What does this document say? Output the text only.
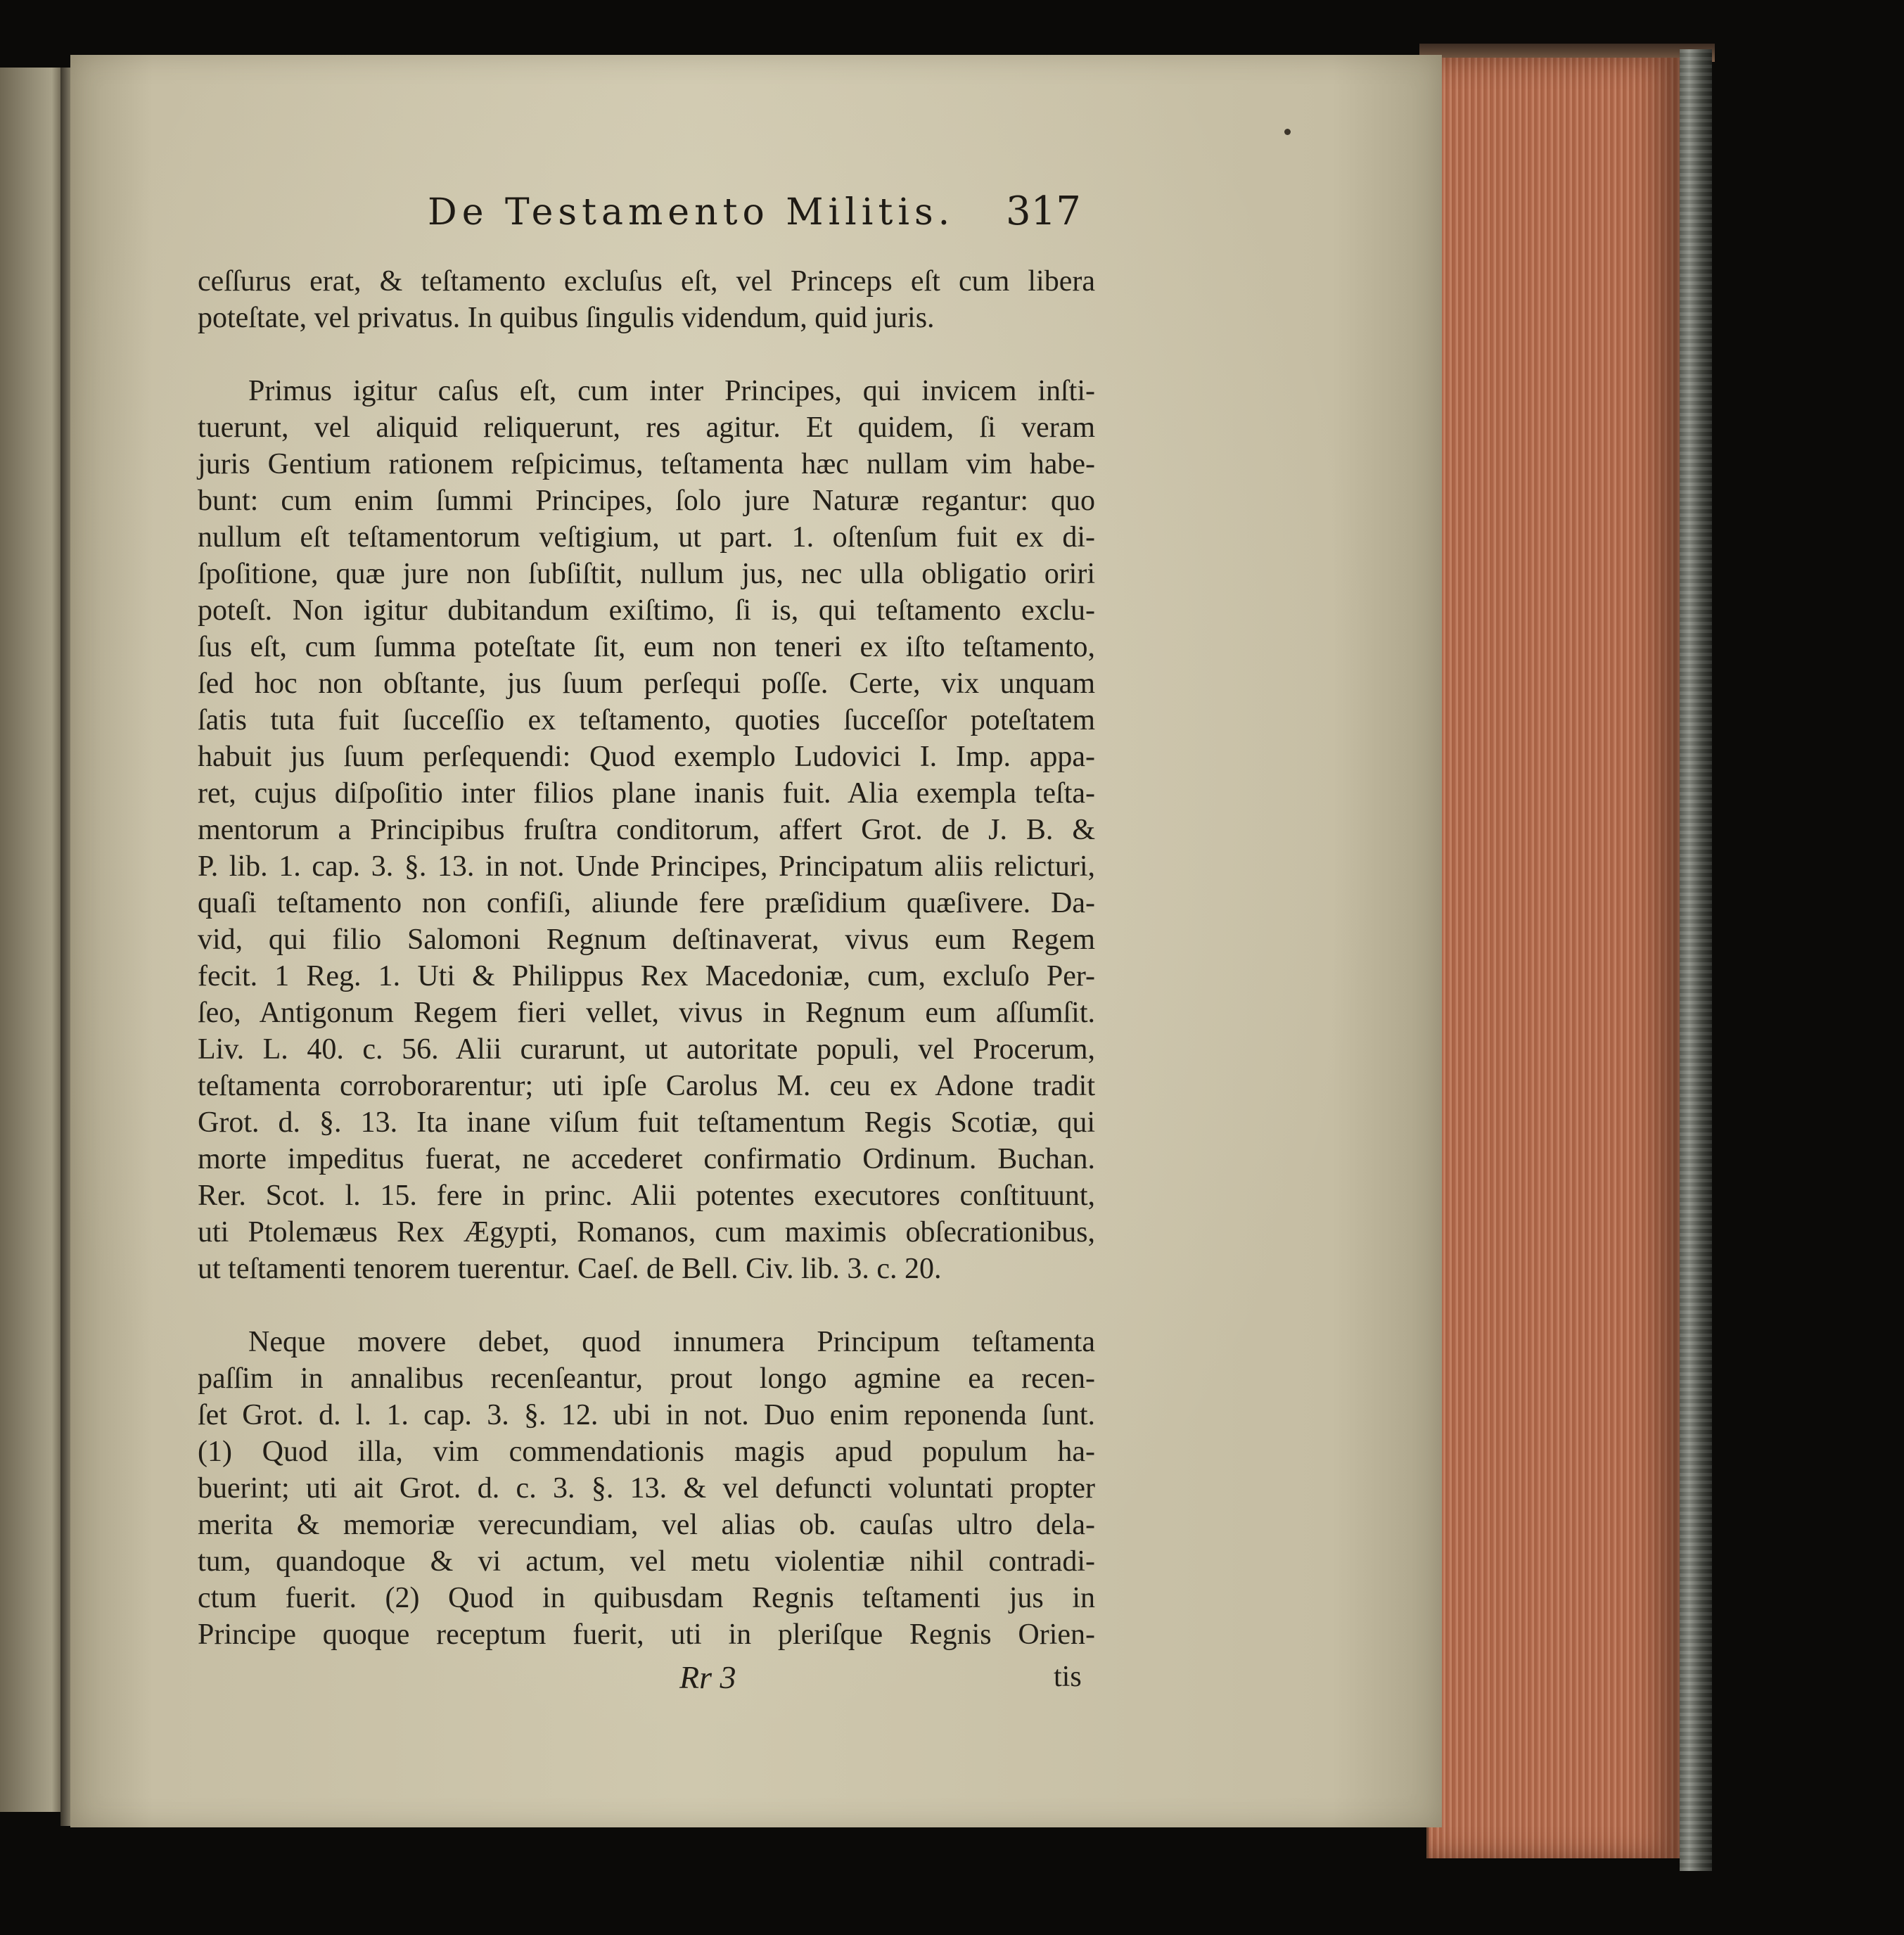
De Testamento Militis.	317
ceſſurus erat, & teſtamento excluſus eſt, vel Princeps eſt cum libera
poteſtate, vel privatus. In quibus ſingulis videndum, quid juris.
Primus igitur caſus eſt, cum inter Principes, qui invicem inſti-
tuerunt, vel aliquid reliquerunt, res agitur. Et quidem, ſi veram
juris Gentium rationem reſpicimus, teſtamenta hæc nullam vim habe-
bunt: cum enim ſummi Principes, ſolo jure Naturæ regantur: quo
nullum eſt teſtamentorum veſtigium, ut part. 1. oſtenſum fuit ex di-
ſpoſitione, quæ jure non ſubſiſtit, nullum jus, nec ulla obligatio oriri
poteſt. Non igitur dubitandum exiſtimo, ſi is, qui teſtamento exclu-
ſus eſt, cum ſumma poteſtate ſit, eum non teneri ex iſto teſtamento,
ſed hoc non obſtante, jus ſuum perſequi poſſe. Certe, vix unquam
ſatis tuta fuit ſucceſſio ex teſtamento, quoties ſucceſſor poteſtatem
habuit jus ſuum perſequendi: Quod exemplo Ludovici I. Imp. appa-
ret, cujus diſpoſitio inter filios plane inanis fuit. Alia exempla teſta-
mentorum a Principibus fruſtra conditorum, affert Grot. de J. B. &
P. lib. 1. cap. 3. §. 13. in not. Unde Principes, Principatum aliis relicturi,
quaſi teſtamento non confiſi, aliunde fere præſidium quæſivere. Da-
vid, qui filio Salomoni Regnum deſtinaverat, vivus eum Regem
fecit. 1 Reg. 1. Uti & Philippus Rex Macedoniæ, cum, excluſo Per-
ſeo, Antigonum Regem fieri vellet, vivus in Regnum eum aſſumſit.
Liv. L. 40. c. 56. Alii curarunt, ut autoritate populi, vel Procerum,
teſtamenta corroborarentur; uti ipſe Carolus M. ceu ex Adone tradit
Grot. d. §. 13. Ita inane viſum fuit teſtamentum Regis Scotiæ, qui
morte impeditus fuerat, ne accederet confirmatio Ordinum. Buchan.
Rer. Scot. l. 15. fere in princ. Alii potentes executores conſtituunt,
uti Ptolemæus Rex Ægypti, Romanos, cum maximis obſecrationibus,
ut teſtamenti tenorem tuerentur. Caeſ. de Bell. Civ. lib. 3. c. 20.
Neque movere debet, quod innumera Principum teſtamenta
paſſim in annalibus recenſeantur, prout longo agmine ea recen-
ſet Grot. d. l. 1. cap. 3. §. 12. ubi in not. Duo enim reponenda ſunt.
(1) Quod illa, vim commendationis magis apud populum ha-
buerint; uti ait Grot. d. c. 3. §. 13. & vel defuncti voluntati propter
merita & memoriæ verecundiam, vel alias ob. cauſas ultro dela-
tum, quandoque & vi actum, vel metu violentiæ nihil contradi-
ctum fuerit. (2) Quod in quibusdam Regnis teſtamenti jus in
Principe quoque receptum fuerit, uti in pleriſque Regnis Orien-
Rr 3	tis
